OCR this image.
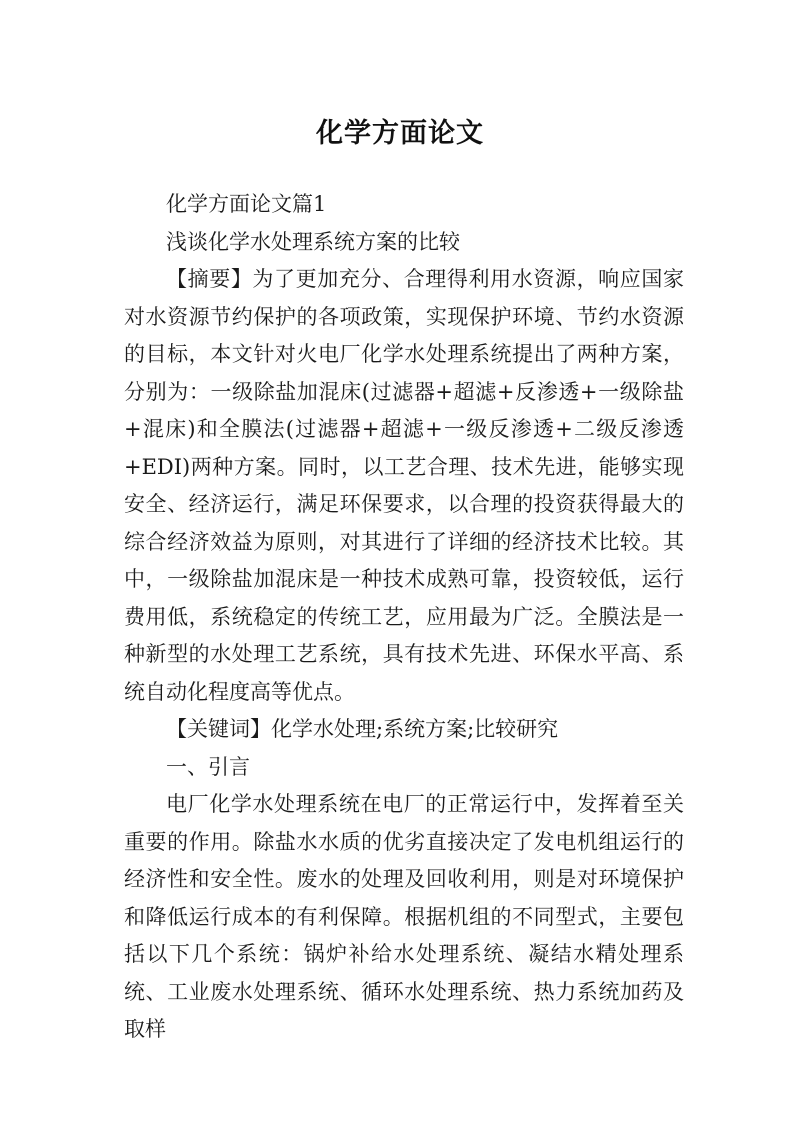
化学方面论文

化学方面论文篇1

浅谈化学水处理系统方案的比较

【摘要】为了更加充分、合理得利用水资源，响应国家对水资源节约保护的各项政策，实现保护环境、节约水资源的目标，本文针对火电厂化学水处理系统提出了两种方案，分别为：一级除盐加混床(过滤器+超滤+反渗透+一级除盐+混床)和全膜法(过滤器+超滤+一级反渗透+二级反渗透+EDI)两种方案。同时，以工艺合理、技术先进，能够实现安全、经济运行，满足环保要求，以合理的投资获得最大的综合经济效益为原则，对其进行了详细的经济技术比较。其中，一级除盐加混床是一种技术成熟可靠，投资较低，运行费用低，系统稳定的传统工艺，应用最为广泛。全膜法是一种新型的水处理工艺系统，具有技术先进、环保水平高、系统自动化程度高等优点。

【关键词】化学水处理;系统方案;比较研究

一、引言

电厂化学水处理系统在电厂的正常运行中，发挥着至关重要的作用。除盐水水质的优劣直接决定了发电机组运行的经济性和安全性。废水的处理及回收利用，则是对环境保护和降低运行成本的有利保障。根据机组的不同型式，主要包括以下几个系统：锅炉补给水处理系统、凝结水精处理系统、工业废水处理系统、循环水处理系统、热力系统加药及取样
